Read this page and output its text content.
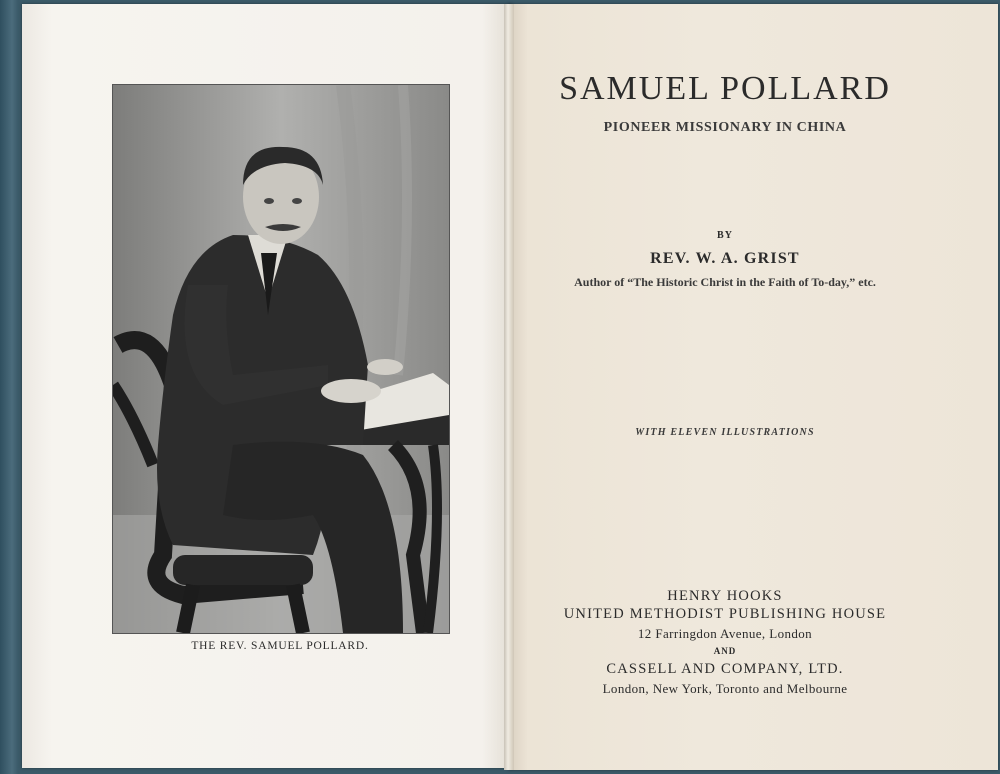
THE REV. SAMUEL POLLARD.
SAMUEL POLLARD
PIONEER MISSIONARY IN CHINA
BY
REV. W. A. GRIST
Author of “The Historic Christ in the Faith of To-day,” etc.
WITH ELEVEN ILLUSTRATIONS
HENRY HOOKS
UNITED METHODIST PUBLISHING HOUSE
12 Farringdon Avenue, London
AND
CASSELL AND COMPANY, LTD.
London, New York, Toronto and Melbourne
